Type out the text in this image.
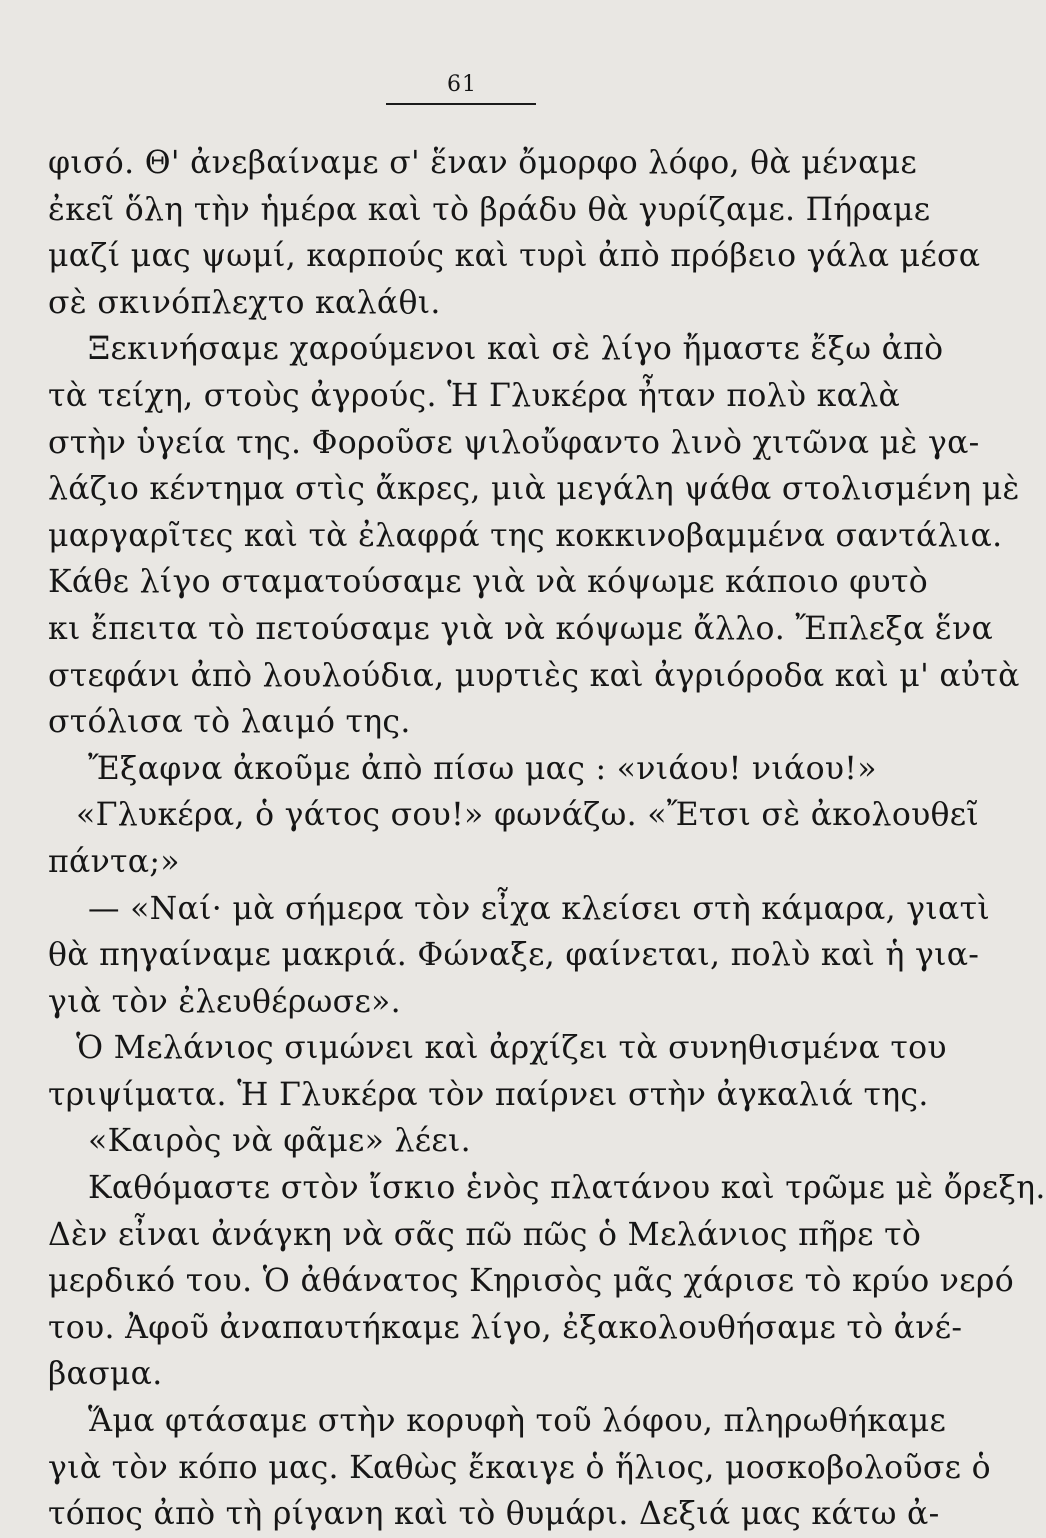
61
φισό. Θ' ἀνεβαίναμε σ' ἕναν ὄμορφο λόφο, θὰ μέναμε
ἐκεῖ ὅλη τὴν ἡμέρα καὶ τὸ βράδυ θὰ γυρίζαμε. Πήραμε
μαζί μας ψωμί, καρπούς καὶ τυρὶ ἀπὸ πρόβειο γάλα μέσα
σὲ σκινόπλεχτο καλάθι.
Ξεκινήσαμε χαρούμενοι καὶ σὲ λίγο ἤμαστε ἔξω ἀπὸ
τὰ τείχη, στοὺς ἀγρούς. Ἡ Γλυκέρα ἦταν πολὺ καλὰ
στὴν ὑγεία της. Φοροῦσε ψιλοὔφαντο λινὸ χιτῶνα μὲ γα-
λάζιο κέντημα στὶς ἄκρες, μιὰ μεγάλη ψάθα στολισμένη μὲ
μαργαρῖτες καὶ τὰ ἐλαφρά της κοκκινοβαμμένα σαντάλια.
Κάθε λίγο σταματούσαμε γιὰ νὰ κόψωμε κάποιο φυτὸ
κι ἔπειτα τὸ πετούσαμε γιὰ νὰ κόψωμε ἄλλο. Ἔπλεξα ἕνα
στεφάνι ἀπὸ λουλούδια, μυρτιὲς καὶ ἀγριόροδα καὶ μ' αὐτὰ
στόλισα τὸ λαιμό της.
Ἔξαφνα ἀκοῦμε ἀπὸ πίσω μας : «νιάου! νιάου!»
«Γλυκέρα, ὁ γάτος σου!» φωνάζω. «Ἔτσι σὲ ἀκολουθεῖ
πάντα;»
— «Ναί· μὰ σήμερα τὸν εἶχα κλείσει στὴ κάμαρα, γιατὶ
θὰ πηγαίναμε μακριά. Φώναξε, φαίνεται, πολὺ καὶ ἡ για-
γιὰ τὸν ἐλευθέρωσε».
Ὁ Μελάνιος σιμώνει καὶ ἀρχίζει τὰ συνηθισμένα του
τριψίματα. Ἡ Γλυκέρα τὸν παίρνει στὴν ἀγκαλιά της.
«Καιρὸς νὰ φᾶμε» λέει.
Καθόμαστε στὸν ἴσκιο ἑνὸς πλατάνου καὶ τρῶμε μὲ ὄρεξη.
Δὲν εἶναι ἀνάγκη νὰ σᾶς πῶ πῶς ὁ Μελάνιος πῆρε τὸ
μερδικό του. Ὁ ἀθάνατος Κηρισὸς μᾶς χάρισε τὸ κρύο νερό
του. Ἀφοῦ ἀναπαυτήκαμε λίγο, ἐξακολουθήσαμε τὸ ἀνέ-
βασμα.
Ἅμα φτάσαμε στὴν κορυφὴ τοῦ λόφου, πληρωθήκαμε
γιὰ τὸν κόπο μας. Καθὼς ἔκαιγε ὁ ἥλιος, μοσκοβολοῦσε ὁ
τόπος ἀπὸ τὴ ρίγανη καὶ τὸ θυμάρι. Δεξιά μας κάτω ἀ-
